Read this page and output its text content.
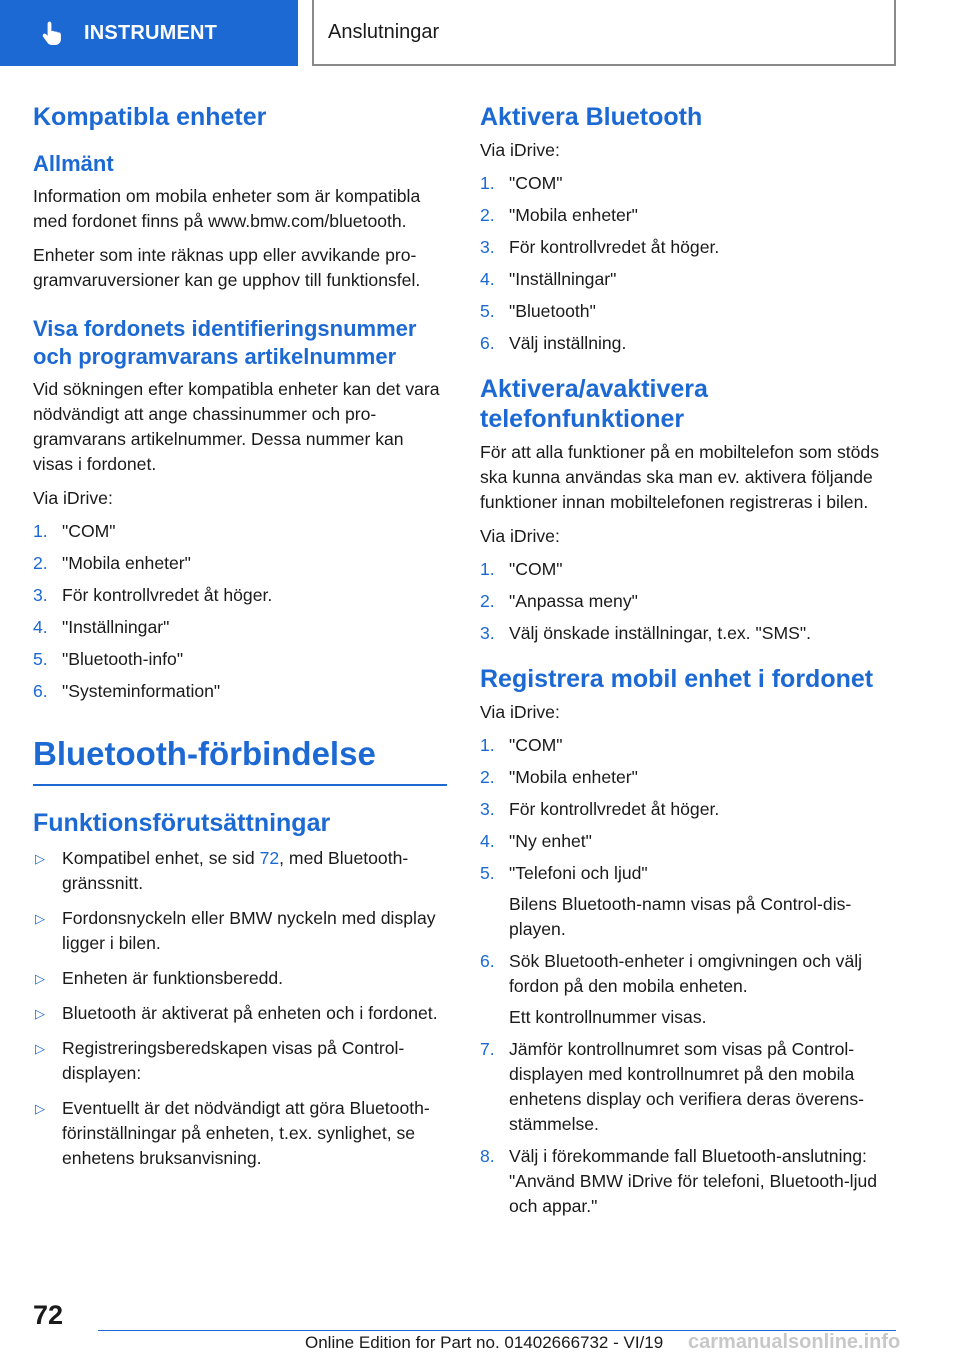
INSTRUMENT	Anslutningar
Kompatibla enheter
Allmänt
Information om mobila enheter som är kompatibla med fordonet finns på www.bmw.com/bluetooth.
Enheter som inte räknas upp eller avvikande programvaruversioner kan ge upphov till funktionsfel.
Visa fordonets identifieringsnummer och programvarans artikelnummer
Vid sökningen efter kompatibla enheter kan det vara nödvändigt att ange chassinummer och programvarans artikelnummer. Dessa nummer kan visas i fordonet.
Via iDrive:
1. "COM"
2. "Mobila enheter"
3. För kontrollvredet åt höger.
4. "Inställningar"
5. "Bluetooth-info"
6. "Systeminformation"
Bluetooth-förbindelse
Funktionsförutsättningar
▷ Kompatibel enhet, se sid 72, med Bluetooth-gränssnitt.
▷ Fordonsnyckeln eller BMW nyckeln med display ligger i bilen.
▷ Enheten är funktionsberedd.
▷ Bluetooth är aktiverat på enheten och i fordonet.
▷ Registreringsberedskapen visas på Control-displayen:
▷ Eventuellt är det nödvändigt att göra Bluetooth-förinställningar på enheten, t.ex. synlighet, se enhetens bruksanvisning.
Aktivera Bluetooth
Via iDrive:
1. "COM"
2. "Mobila enheter"
3. För kontrollvredet åt höger.
4. "Inställningar"
5. "Bluetooth"
6. Välj inställning.
Aktivera/avaktivera telefonfunktioner
För att alla funktioner på en mobiltelefon som stöds ska kunna användas ska man ev. aktivera följande funktioner innan mobiltelefonen registreras i bilen.
Via iDrive:
1. "COM"
2. "Anpassa meny"
3. Välj önskade inställningar, t.ex. "SMS".
Registrera mobil enhet i fordonet
Via iDrive:
1. "COM"
2. "Mobila enheter"
3. För kontrollvredet åt höger.
4. "Ny enhet"
5. "Telefoni och ljud"
Bilens Bluetooth-namn visas på Control-displayen.
6. Sök Bluetooth-enheter i omgivningen och välj fordon på den mobila enheten.
Ett kontrollnummer visas.
7. Jämför kontrollnumret som visas på Control-displayen med kontrollnumret på den mobila enhetens display och verifiera deras överensstämmelse.
8. Välj i förekommande fall Bluetooth-anslutning: "Använd BMW iDrive för telefoni, Bluetooth-ljud och appar."
72
Online Edition for Part no. 01402666732 - VI/19 carmanualsonline.info
